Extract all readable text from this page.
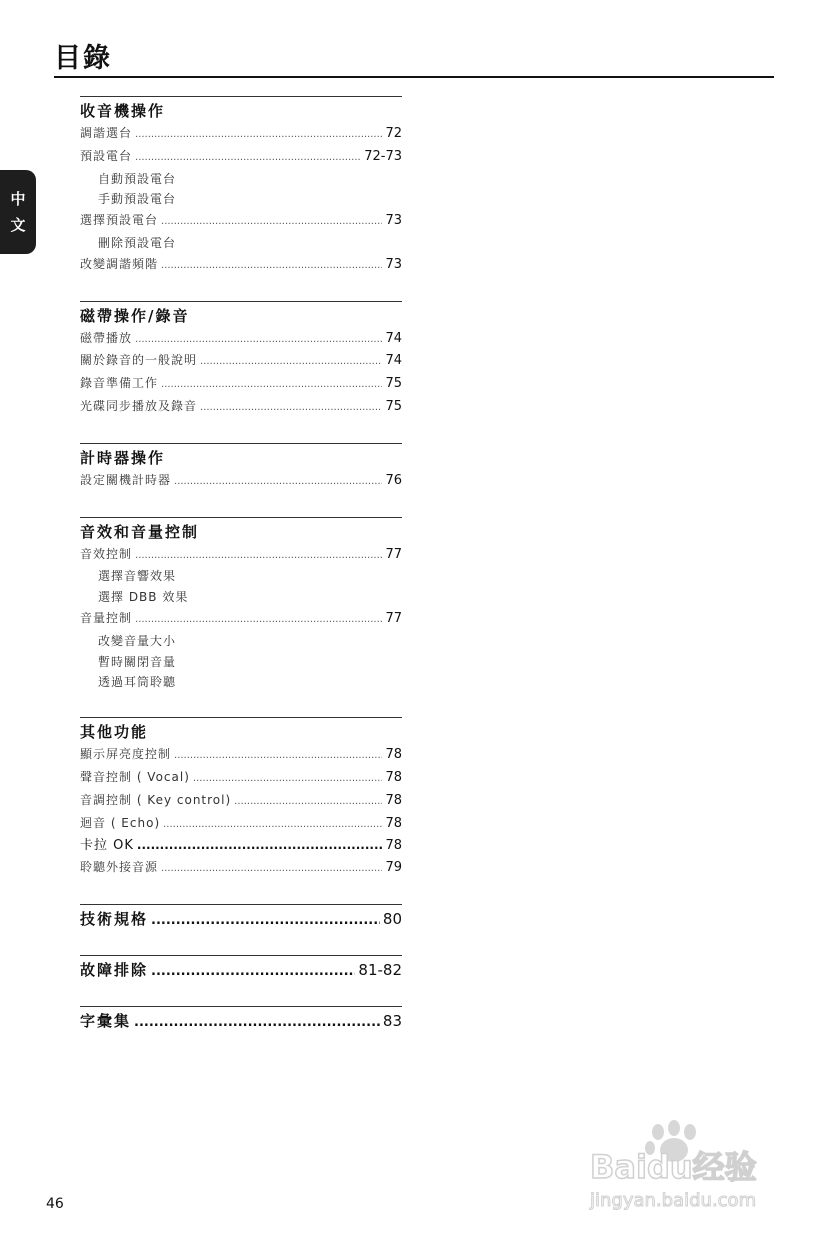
目錄
中
文
收音機操作
調諧選台 .....	72
預設電台 .....	72-73
自動預設電台
手動預設電台
選擇預設電台 .....	73
刪除預設電台
改變調諧頻階 .....	73
磁帶操作/錄音
磁帶播放 .....	74
關於錄音的一般說明 .....	74
錄音準備工作 .....	75
光碟同步播放及錄音 .....	75
計時器操作
設定關機計時器 .....	76
音效和音量控制
音效控制 .....	77
選擇音響效果
選擇 DBB 效果
音量控制 .....	77
改變音量大小
暫時關閉音量
透過耳筒聆聽
其他功能
顯示屏亮度控制 .....	78
聲音控制 ( Vocal) .....	78
音調控制 ( Key control) .....	78
迴音 ( Echo) .....	78
卡拉 OK .....	78
聆聽外接音源 .....	79
技術規格 .....	80
故障排除 .....	81-82
字彙集 .....	83
46
Baidu经验
jingyan.baidu.com
